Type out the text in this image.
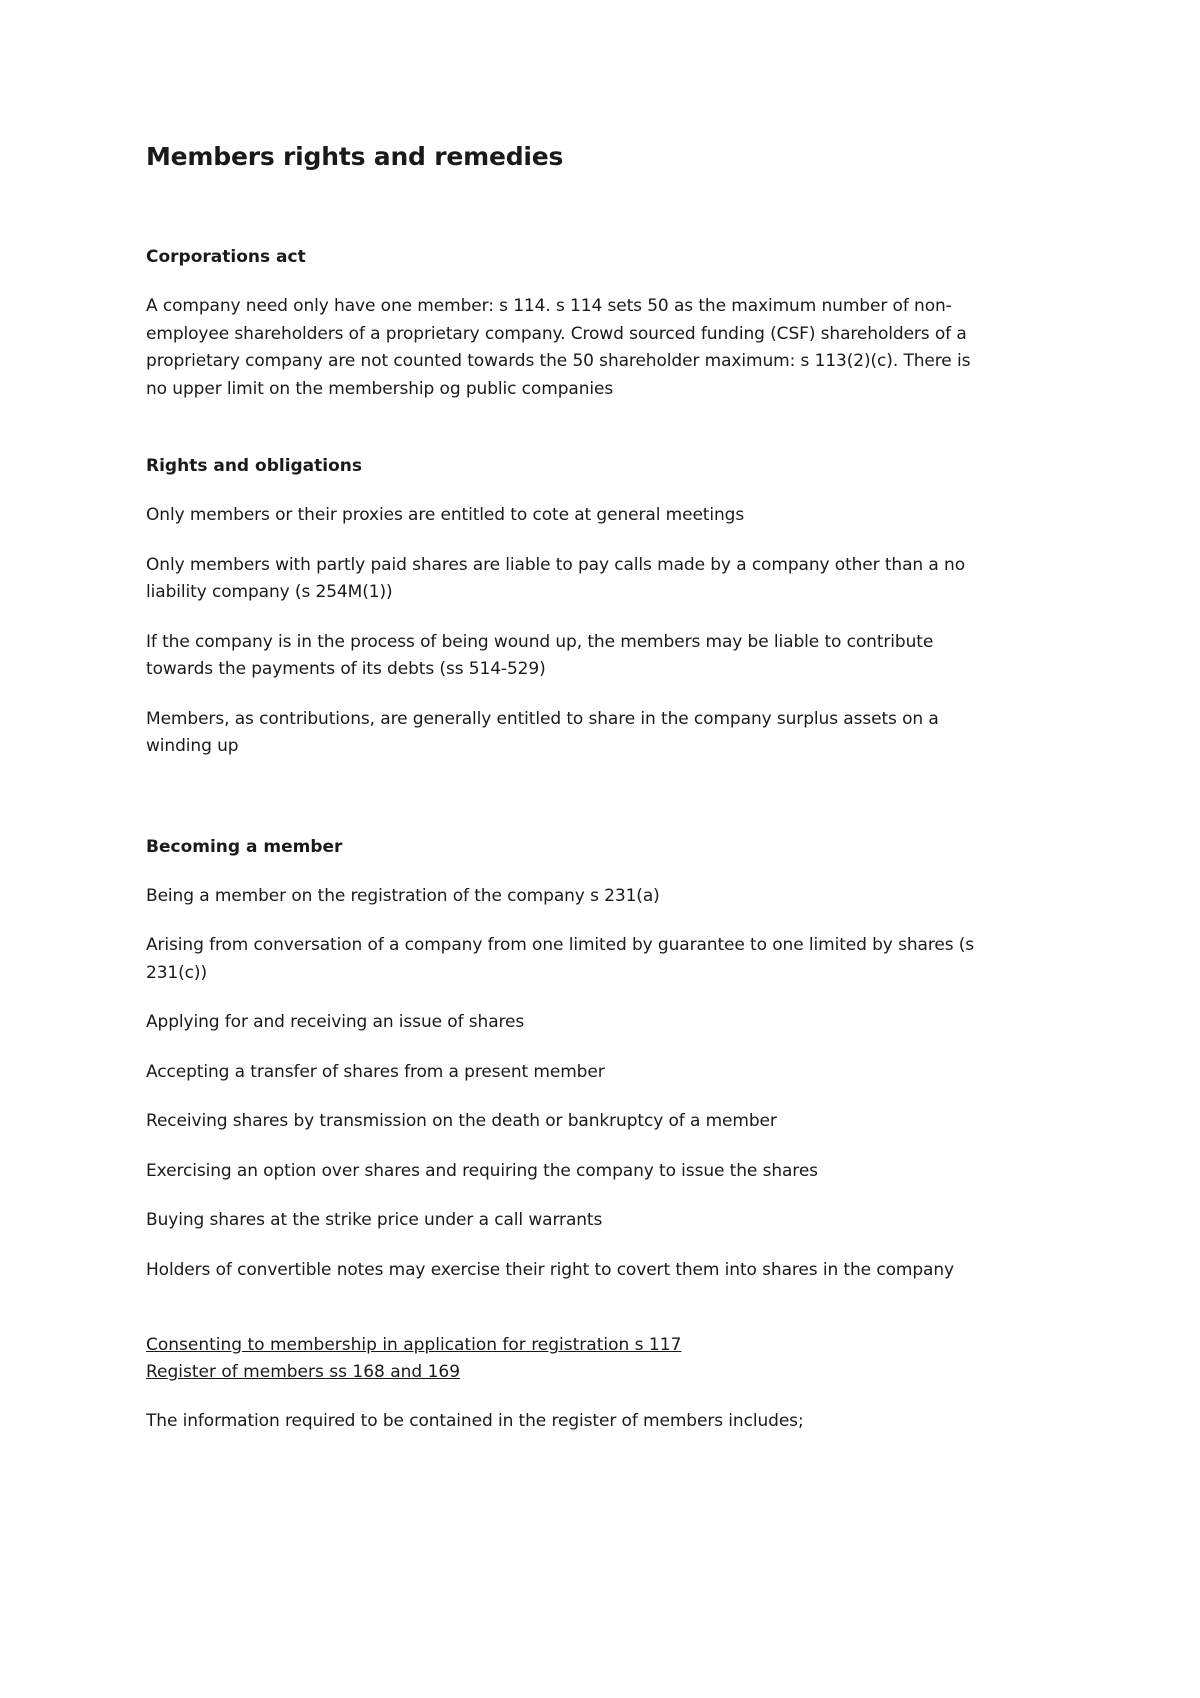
Members rights and remedies
Corporations act

A company need only have one member: s 114. s 114 sets 50 as the maximum number of non-employee shareholders of a proprietary company. Crowd sourced funding (CSF) shareholders of a proprietary company are not counted towards the 50 shareholder maximum: s 113(2)(c). There is no upper limit on the membership og public companies

Rights and obligations

Only members or their proxies are entitled to cote at general meetings

Only members with partly paid shares are liable to pay calls made by a company other than a no liability company (s 254M(1))

If the company is in the process of being wound up, the members may be liable to contribute towards the payments of its debts (ss 514-529)

Members, as contributions, are generally entitled to share in the company surplus assets on a winding up

Becoming a member

Being a member on the registration of the company s 231(a)

Arising from conversation of a company from one limited by guarantee to one limited by shares (s 231(c))

Applying for and receiving an issue of shares

Accepting a transfer of shares from a present member

Receiving shares by transmission on the death or bankruptcy of a member

Exercising an option over shares and requiring the company to issue the shares

Buying shares at the strike price under a call warrants

Holders of convertible notes may exercise their right to covert them into shares in the company

Consenting to membership in application for registration s 117
Register of members ss 168 and 169

The information required to be contained in the register of members includes;
